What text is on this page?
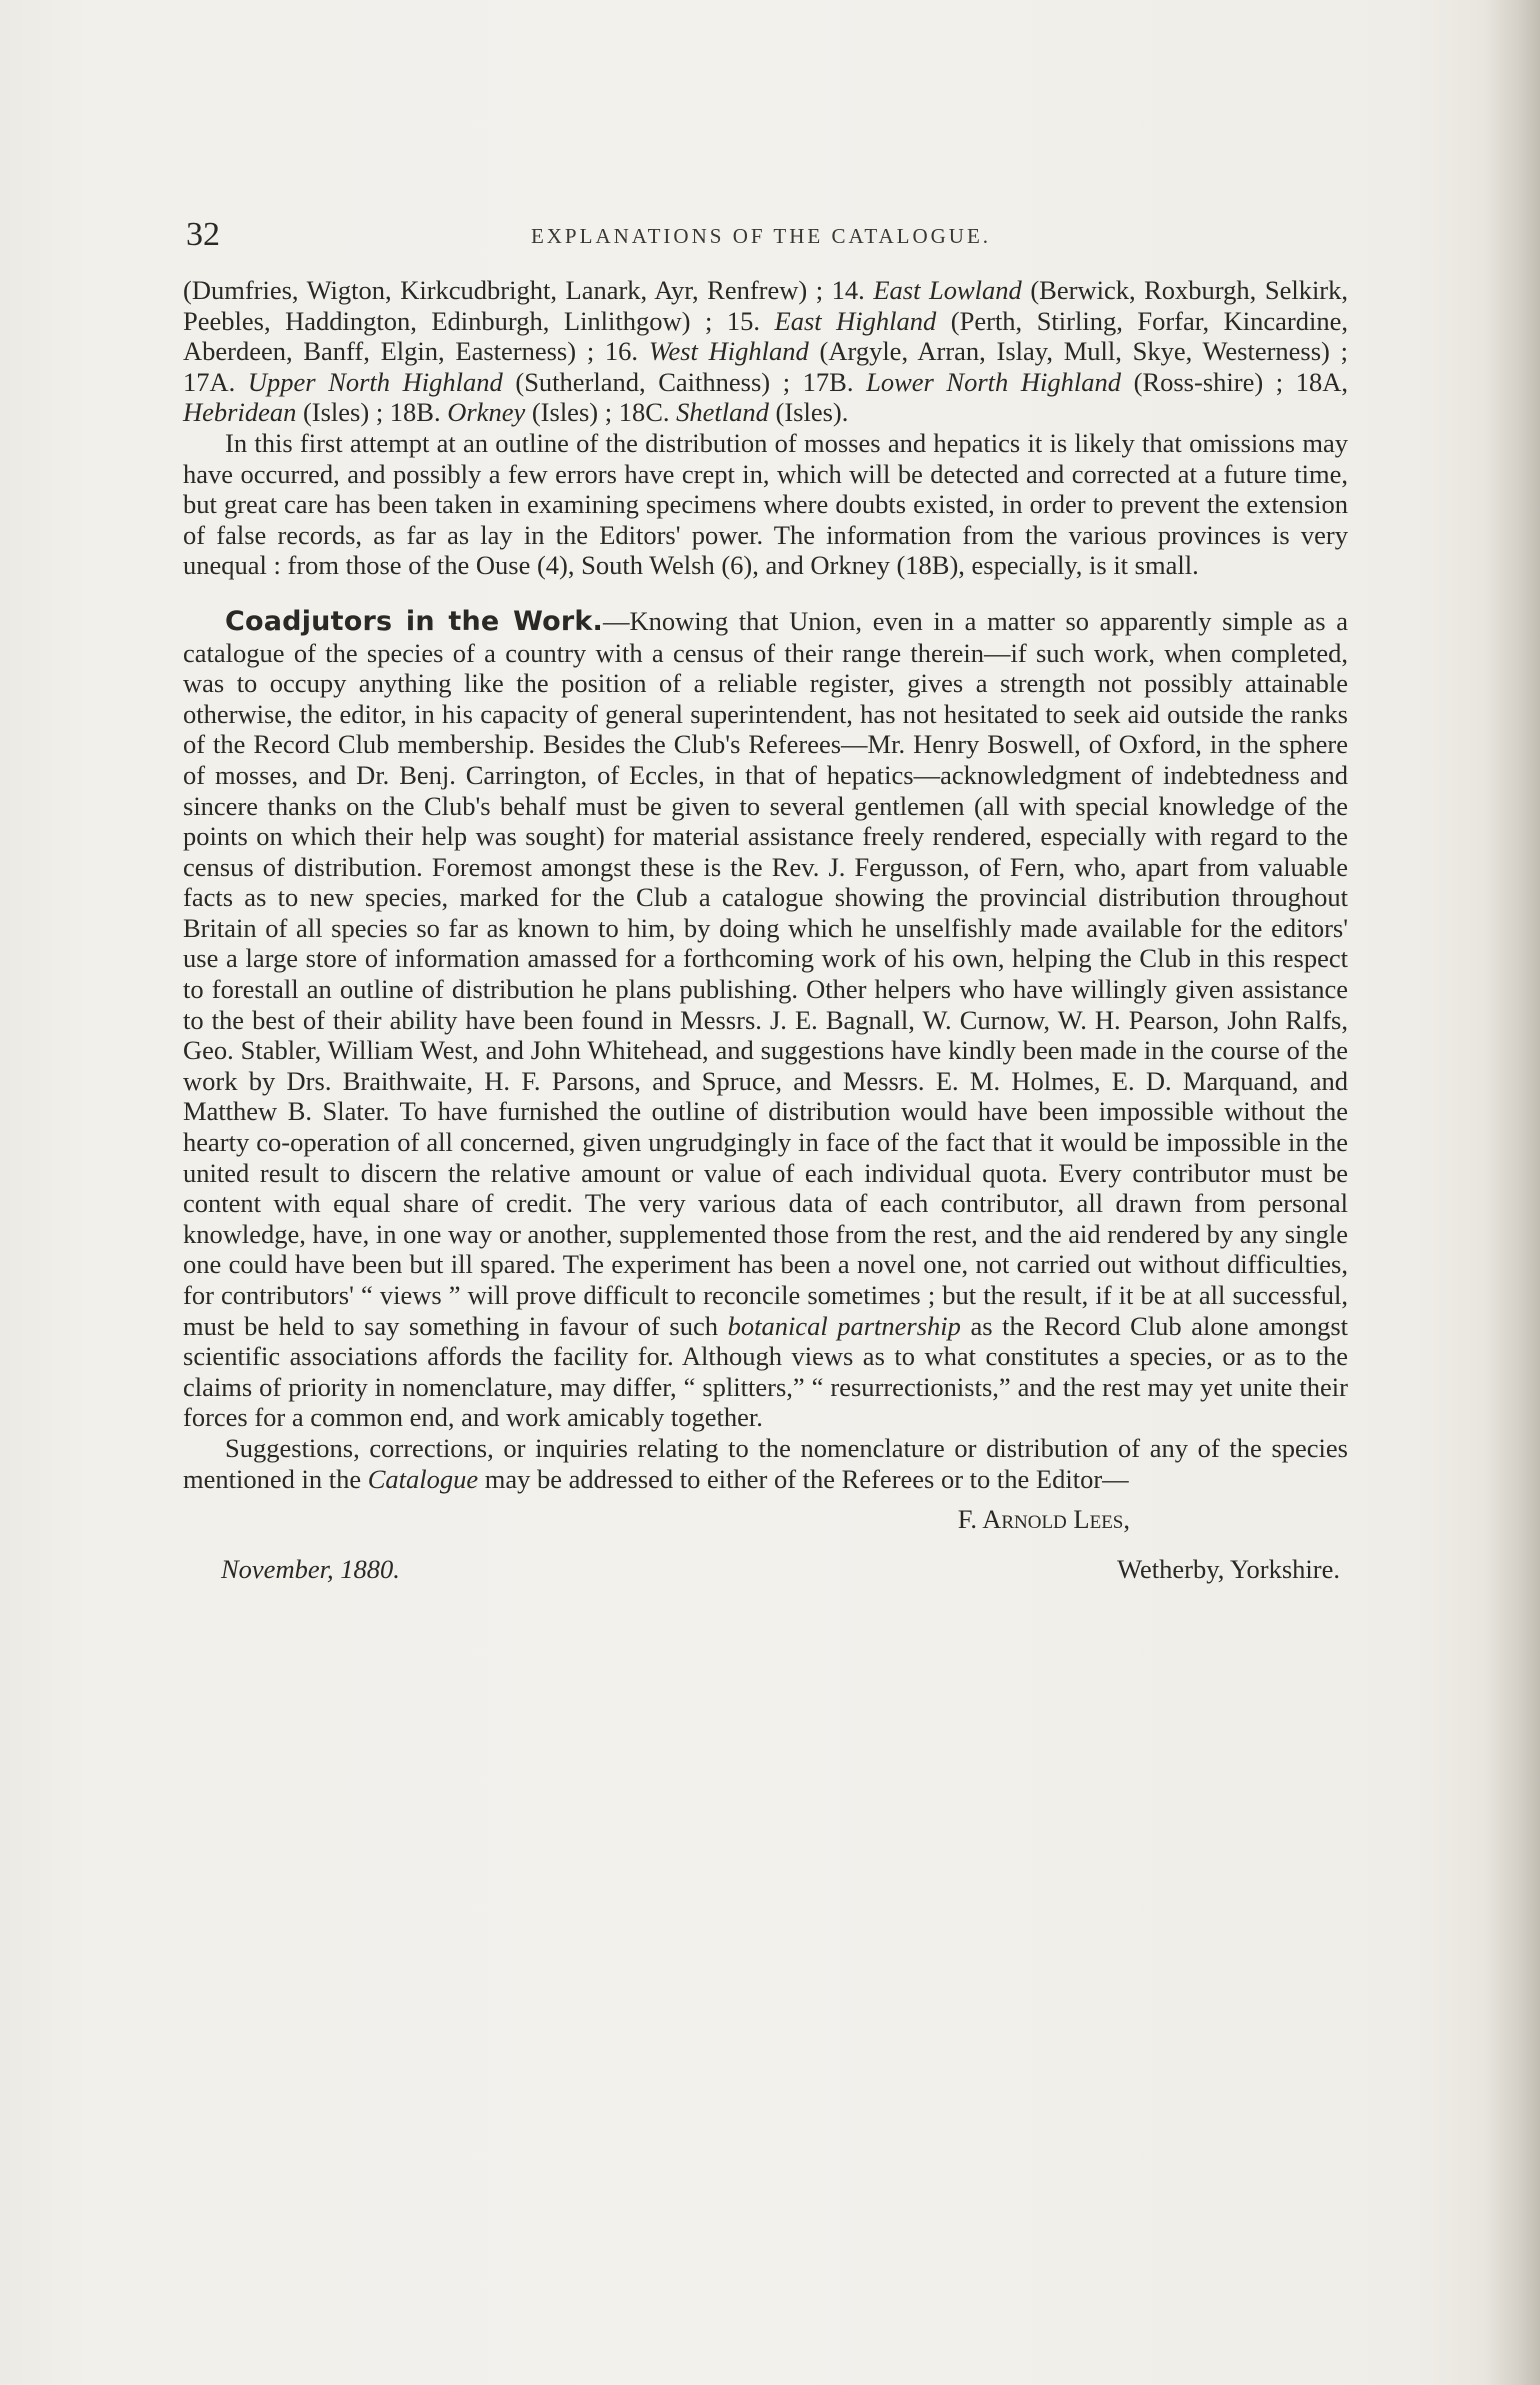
32	EXPLANATIONS OF THE CATALOGUE.

(Dumfries, Wigton, Kirkcudbright, Lanark, Ayr, Renfrew) ; 14. East Lowland (Berwick, Roxburgh, Selkirk, Peebles, Haddington, Edinburgh, Linlithgow) ; 15. East Highland (Perth, Stirling, Forfar, Kincardine, Aberdeen, Banff, Elgin, Easterness) ; 16. West Highland (Argyle, Arran, Islay, Mull, Skye, Westerness) ; 17A. Upper North Highland (Sutherland, Caithness) ; 17B. Lower North Highland (Ross-shire) ; 18A, Hebridean (Isles) ; 18B. Orkney (Isles) ; 18C. Shetland (Isles).

In this first attempt at an outline of the distribution of mosses and hepatics it is likely that omissions may have occurred, and possibly a few errors have crept in, which will be detected and corrected at a future time, but great care has been taken in examining specimens where doubts existed, in order to prevent the extension of false records, as far as lay in the Editors' power. The information from the various provinces is very unequal : from those of the Ouse (4), South Welsh (6), and Orkney (18B), especially, is it small.

Coadjutors in the Work.—Knowing that Union, even in a matter so apparently simple as a catalogue of the species of a country with a census of their range therein—if such work, when completed, was to occupy anything like the position of a reliable register, gives a strength not possibly attainable otherwise, the editor, in his capacity of general superintendent, has not hesitated to seek aid outside the ranks of the Record Club membership. Besides the Club's Referees—Mr. Henry Boswell, of Oxford, in the sphere of mosses, and Dr. Benj. Carrington, of Eccles, in that of hepatics—acknowledgment of indebtedness and sincere thanks on the Club's behalf must be given to several gentlemen (all with special knowledge of the points on which their help was sought) for material assistance freely rendered, especially with regard to the census of distribution. Foremost amongst these is the Rev. J. Fergusson, of Fern, who, apart from valuable facts as to new species, marked for the Club a catalogue showing the provincial distribution throughout Britain of all species so far as known to him, by doing which he unselfishly made available for the editors' use a large store of information amassed for a forthcoming work of his own, helping the Club in this respect to forestall an outline of distribution he plans publishing. Other helpers who have willingly given assistance to the best of their ability have been found in Messrs. J. E. Bagnall, W. Curnow, W. H. Pearson, John Ralfs, Geo. Stabler, William West, and John Whitehead, and suggestions have kindly been made in the course of the work by Drs. Braithwaite, H. F. Parsons, and Spruce, and Messrs. E. M. Holmes, E. D. Marquand, and Matthew B. Slater. To have furnished the outline of distribution would have been impossible without the hearty co-operation of all concerned, given ungrudgingly in face of the fact that it would be impossible in the united result to discern the relative amount or value of each individual quota. Every contributor must be content with equal share of credit. The very various data of each contributor, all drawn from personal knowledge, have, in one way or another, supplemented those from the rest, and the aid rendered by any single one could have been but ill spared. The experiment has been a novel one, not carried out without difficulties, for contributors' “ views ” will prove difficult to reconcile sometimes ; but the result, if it be at all successful, must be held to say something in favour of such botanical partnership as the Record Club alone amongst scientific associations affords the facility for. Although views as to what constitutes a species, or as to the claims of priority in nomenclature, may differ, “ splitters,” “ resurrectionists,” and the rest may yet unite their forces for a common end, and work amicably together.

Suggestions, corrections, or inquiries relating to the nomenclature or distribution of any of the species mentioned in the Catalogue may be addressed to either of the Referees or to the Editor—

F. Arnold Lees,
November, 1880.	Wetherby, Yorkshire.
